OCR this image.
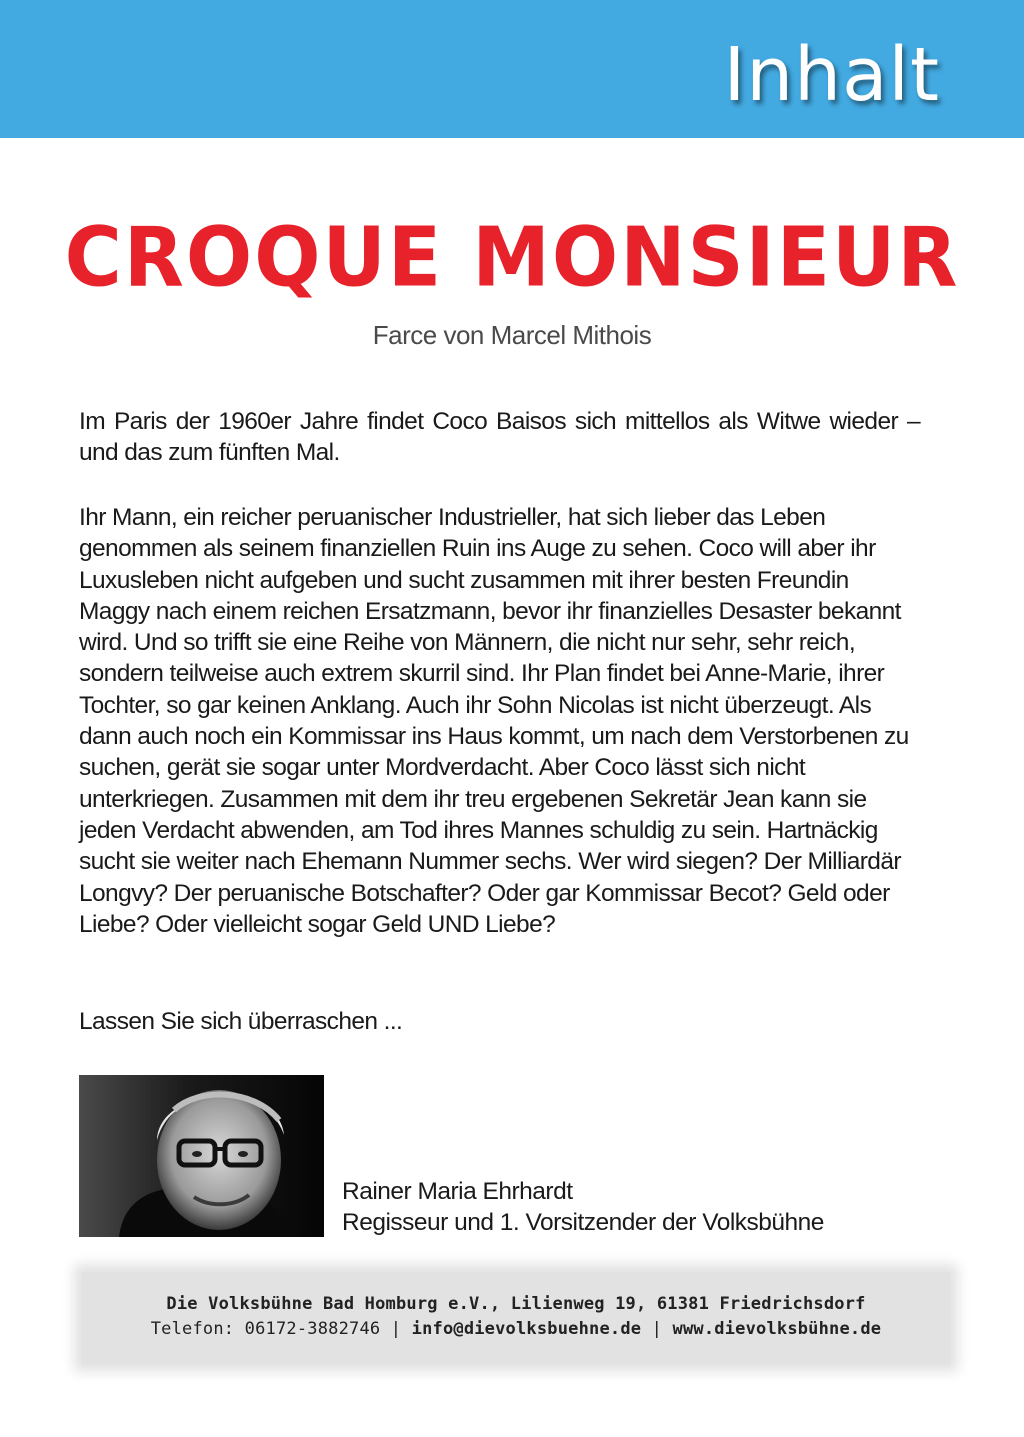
Inhalt
CROQUE MONSIEUR
Farce von Marcel Mithois

Im Paris der 1960er Jahre findet Coco Baisos sich mittellos als Witwe wieder – und das zum fünften Mal.

Ihr Mann, ein reicher peruanischer Industrieller, hat sich lieber das Leben genommen als seinem finanziellen Ruin ins Auge zu sehen. Coco will aber ihr Luxusleben nicht aufgeben und sucht zusammen mit ihrer besten Freundin Maggy nach einem reichen Ersatzmann, bevor ihr finanzielles Desaster bekannt wird. Und so trifft sie eine Reihe von Männern, die nicht nur sehr, sehr reich, sondern teilweise auch extrem skurril sind. Ihr Plan findet bei Anne-Marie, ihrer Tochter, so gar keinen Anklang. Auch ihr Sohn Nicolas ist nicht überzeugt. Als dann auch noch ein Kommissar ins Haus kommt, um nach dem Verstorbenen zu suchen, gerät sie sogar unter Mordverdacht. Aber Coco lässt sich nicht unterkriegen. Zusammen mit dem ihr treu ergebenen Sekretär Jean kann sie jeden Verdacht abwenden, am Tod ihres Mannes schuldig zu sein. Hartnäckig sucht sie weiter nach Ehemann Nummer sechs. Wer wird siegen? Der Milliardär Longvy? Der peruanische Botschafter? Oder gar Kommissar Becot? Geld oder Liebe? Oder vielleicht sogar Geld UND Liebe?

Lassen Sie sich überraschen ...

Rainer Maria Ehrhardt
Regisseur und 1. Vorsitzender der Volksbühne
Die Volksbühne Bad Homburg e.V., Lilienweg 19, 61381 Friedrichsdorf
Telefon: 06172-3882746 | info@dievolksbuehne.de | www.dievolksbühne.de
